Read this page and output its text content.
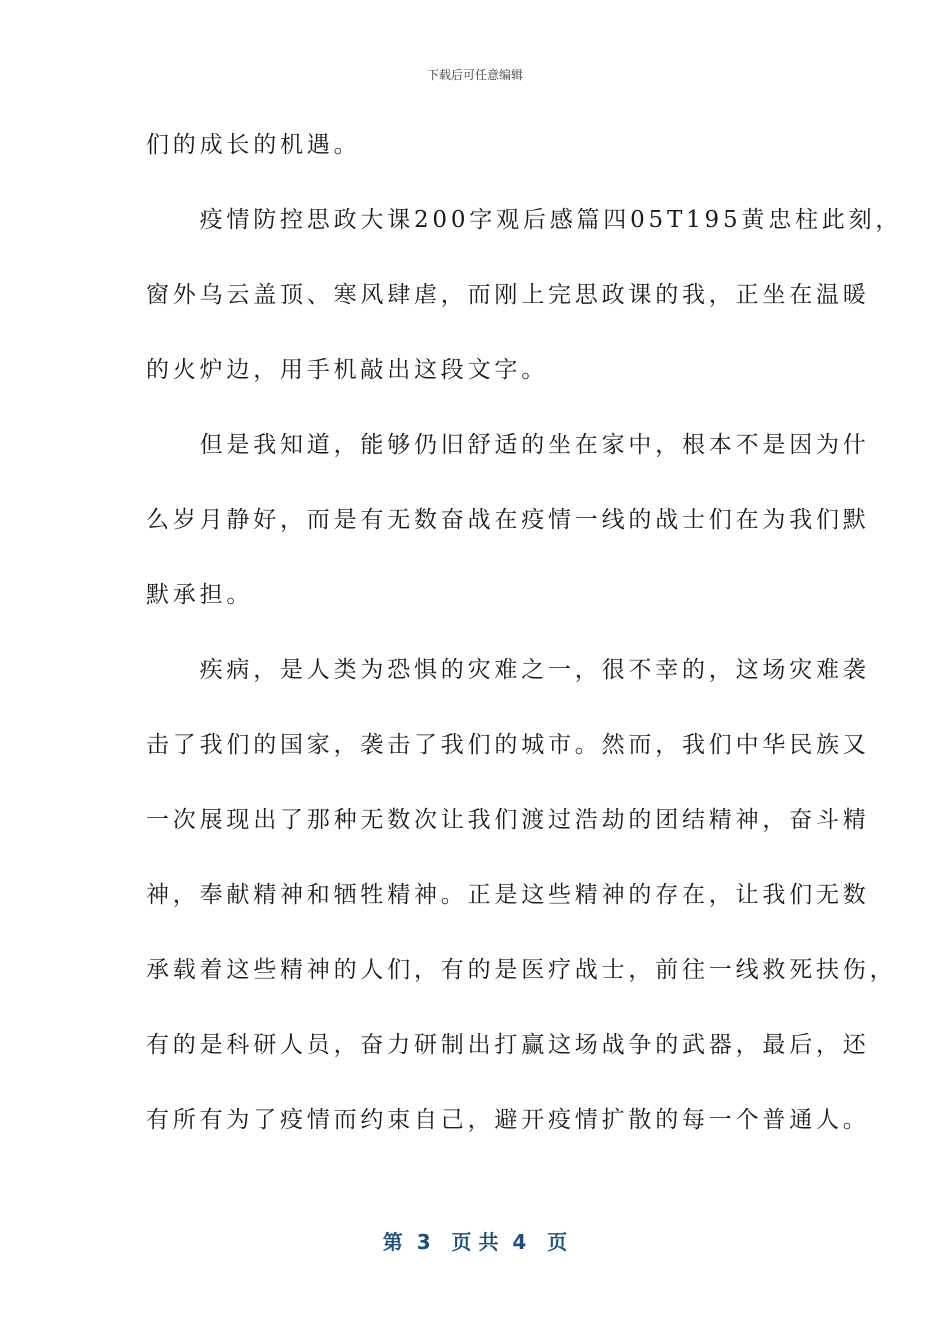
下载后可任意编辑
们的成长的机遇。
　　疫情防控思政大课200字观后感篇四05T195黄忠柱此刻，
窗外乌云盖顶、寒风肆虐，而刚上完思政课的我，正坐在温暖
的火炉边，用手机敲出这段文字。
　　但是我知道，能够仍旧舒适的坐在家中，根本不是因为什
么岁月静好，而是有无数奋战在疫情一线的战士们在为我们默
默承担。
　　疾病，是人类为恐惧的灾难之一，很不幸的，这场灾难袭
击了我们的国家，袭击了我们的城市。然而，我们中华民族又
一次展现出了那种无数次让我们渡过浩劫的团结精神，奋斗精
神，奉献精神和牺牲精神。正是这些精神的存在，让我们无数
承载着这些精神的人们，有的是医疗战士，前往一线救死扶伤，
有的是科研人员，奋力研制出打赢这场战争的武器，最后，还
有所有为了疫情而约束自己，避开疫情扩散的每一个普通人。
第  3   页 共  4   页
